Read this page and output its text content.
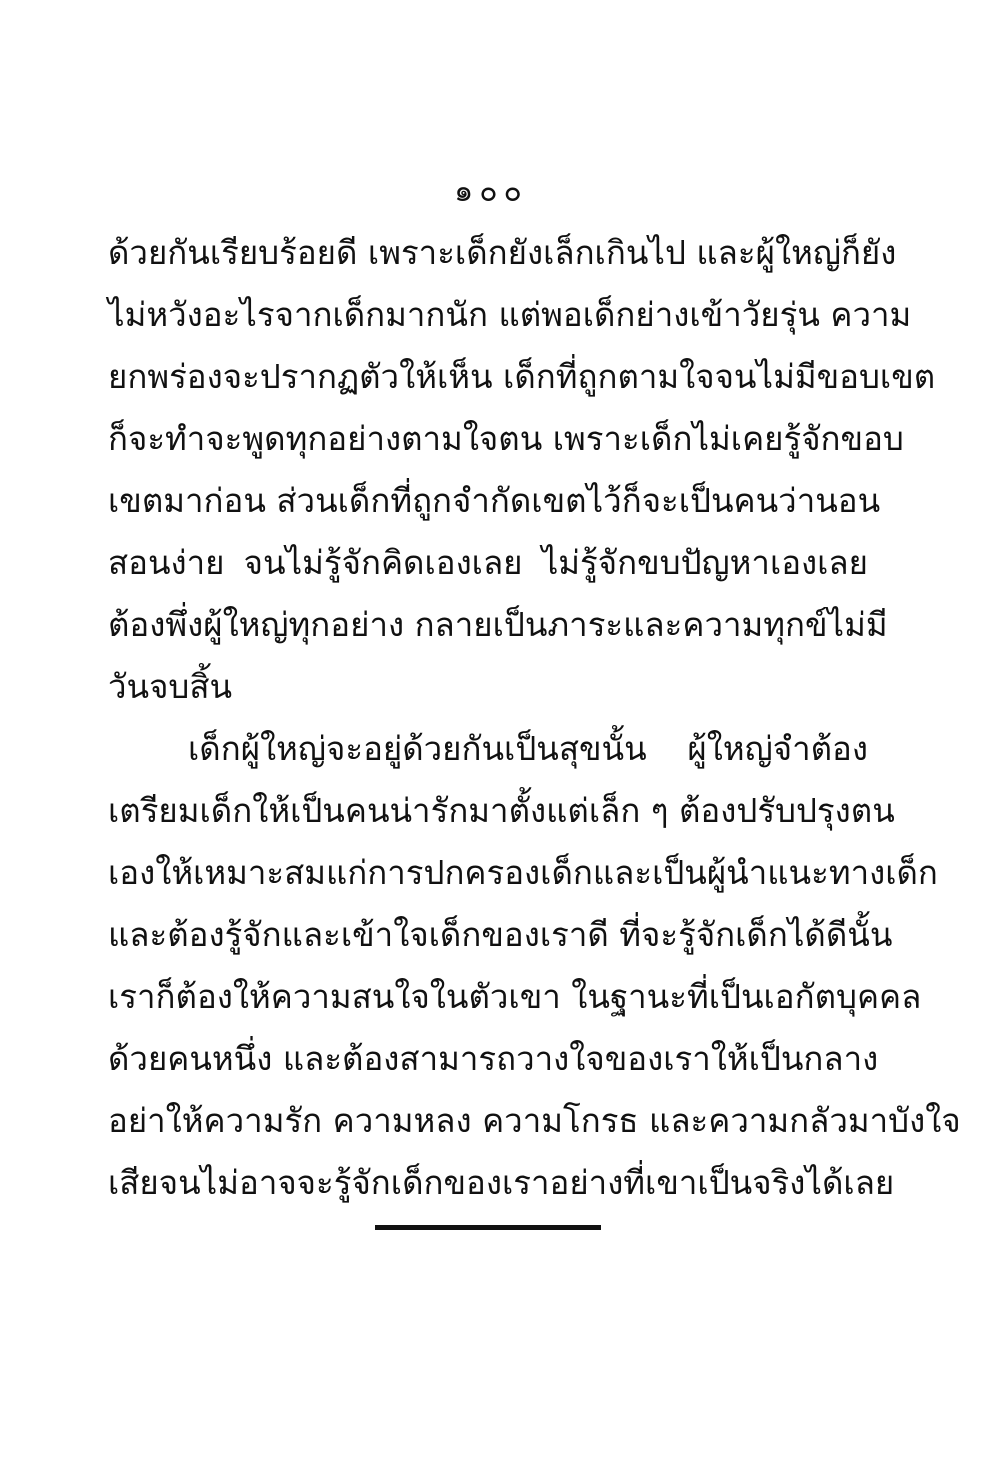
๑๐๐
ด้วยกันเรียบร้อยดี เพราะเด็กยังเล็กเกินไป และผู้ใหญ่ก็ยัง
ไม่หวังอะไรจากเด็กมากนัก แต่พอเด็กย่างเข้าวัยรุ่น ความ
ยกพร่องจะปรากฏตัวให้เห็น เด็กที่ถูกตามใจจนไม่มีขอบเขต
ก็จะทำจะพูดทุกอย่างตามใจตน เพราะเด็กไม่เคยรู้จักขอบ
เขตมาก่อน ส่วนเด็กที่ถูกจำกัดเขตไว้ก็จะเป็นคนว่านอน
สอนง่าย จนไม่รู้จักคิดเองเลย ไม่รู้จักขบปัญหาเองเลย
ต้องพึ่งผู้ใหญ่ทุกอย่าง กลายเป็นภาระและความทุกข์ไม่มี
วันจบสิ้น
เด็กผู้ใหญ่จะอยู่ด้วยกันเป็นสุขนั้น ผู้ใหญ่จำต้อง
เตรียมเด็กให้เป็นคนน่ารักมาตั้งแต่เล็ก ๆ ต้องปรับปรุงตน
เองให้เหมาะสมแก่การปกครองเด็กและเป็นผู้นำแนะทางเด็ก
และต้องรู้จักและเข้าใจเด็กของเราดี ที่จะรู้จักเด็กได้ดีนั้น
เราก็ต้องให้ความสนใจในตัวเขา ในฐานะที่เป็นเอกัตบุคคล
ด้วยคนหนึ่ง และต้องสามารถวางใจของเราให้เป็นกลาง
อย่าให้ความรัก ความหลง ความโกรธ และความกลัวมาบังใจ
เสียจนไม่อาจจะรู้จักเด็กของเราอย่างที่เขาเป็นจริงได้เลย
